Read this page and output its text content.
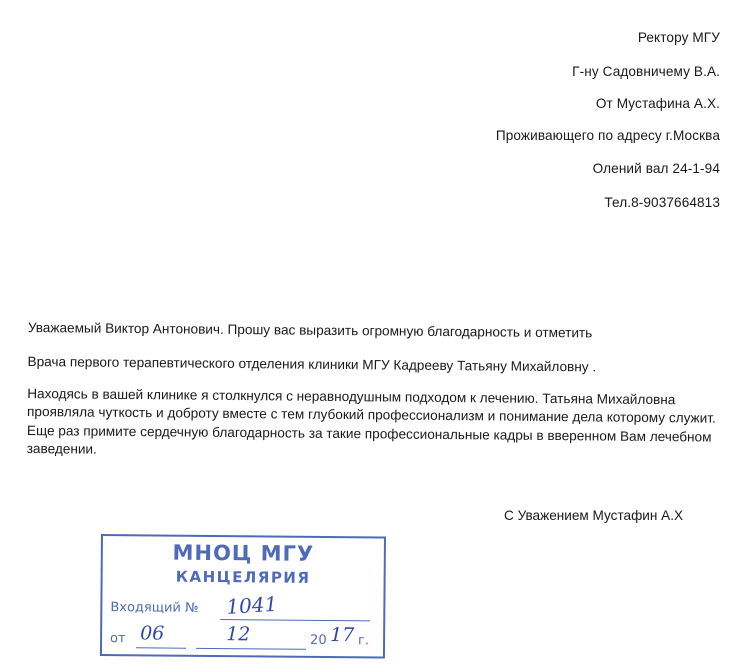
Ректору МГУ
Г-ну Садовничему В.А.
От Мустафина А.Х.
Проживающего по адресу г.Москва
Олений вал 24-1-94
Тел.8-9037664813
Уважаемый Виктор Антонович. Прошу вас выразить огромную благодарность и отметить
Врача первого терапевтического отделения клиники МГУ Кадрееву Татьяну Михайловну .
Находясь в вашей клинике я столкнулся с неравнодушным подходом к лечению. Татьяна Михайловна проявляла чуткость и доброту вместе с тем глубокий профессионализм и понимание дела которому служит. Еще раз примите сердечную благодарность за такие профессиональные кадры в вверенном Вам лечебном заведении.
С Уважением Мустафин А.Х
МНОЦ МГУ
КАНЦЕЛЯРИЯ
Входящий № 1041
от 06	12	20 17 г.
